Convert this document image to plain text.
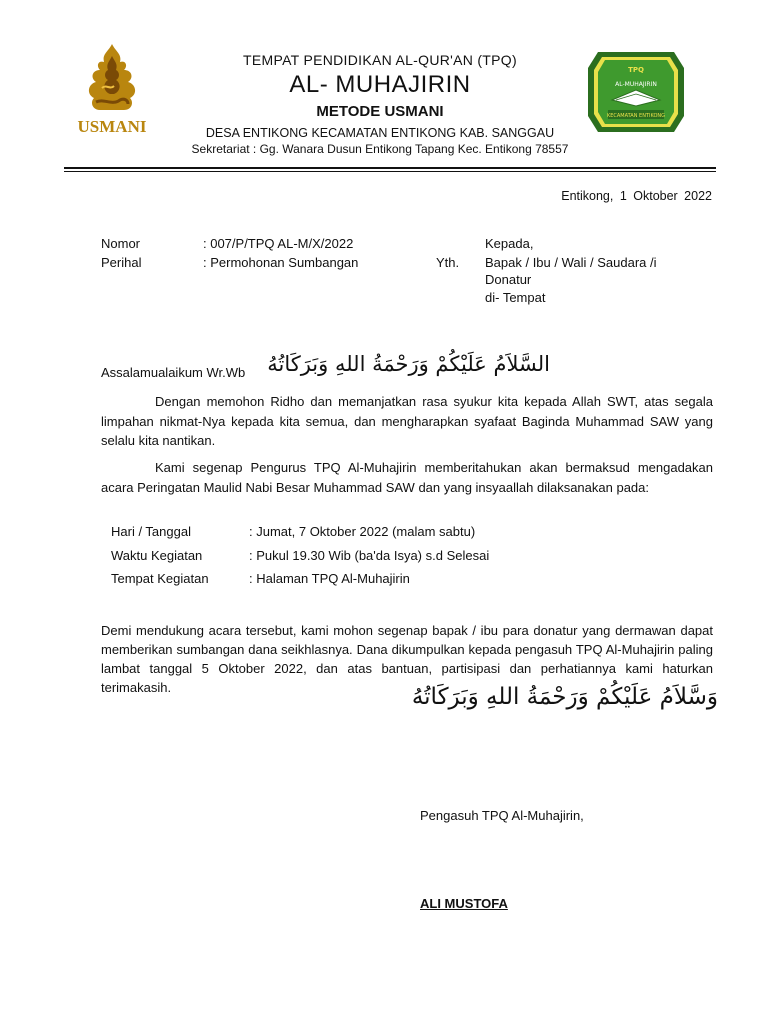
USMANI
TEMPAT PENDIDIKAN AL-QUR'AN (TPQ)
AL- MUHAJIRIN
METODE USMANI
DESA ENTIKONG KECAMATAN ENTIKONG KAB. SANGGAU
Sekretariat : Gg. Wanara Dusun Entikong Tapang Kec. Entikong 78557
TPQ
AL-MUHAJIRIN
KECAMATAN ENTIKONG
Entikong, 1 Oktober 2022
Nomor	: 007/P/TPQ AL-M/X/2022
Perihal	: Permohonan Sumbangan
Kepada,
Yth. Bapak / Ibu / Wali / Saudara /i
Donatur
di- Tempat
Assalamualaikum Wr.Wb السَّلاَمُ عَلَيْكُمْ وَرَحْمَةُ اللهِ وَبَرَكَاتُهُ
Dengan memohon Ridho dan memanjatkan rasa syukur kita kepada Allah SWT, atas segala limpahan nikmat-Nya kepada kita semua, dan mengharapkan syafaat Baginda Muhammad SAW yang selalu kita nantikan.
Kami segenap Pengurus TPQ Al-Muhajirin memberitahukan akan bermaksud mengadakan acara Peringatan Maulid Nabi Besar Muhammad SAW dan yang insyaallah dilaksanakan pada:
Hari / Tanggal	: Jumat, 7 Oktober 2022 (malam sabtu)
Waktu Kegiatan	: Pukul 19.30 Wib (ba'da Isya) s.d Selesai
Tempat Kegiatan	: Halaman TPQ Al-Muhajirin
Demi mendukung acara tersebut, kami mohon segenap bapak / ibu para donatur yang dermawan dapat memberikan sumbangan dana seikhlasnya. Dana dikumpulkan kepada pengasuh TPQ Al-Muhajirin paling lambat tanggal 5 Oktober 2022, dan atas bantuan, partisipasi dan perhatiannya kami haturkan terimakasih.	وَسَّلاَمُ عَلَيْكُمْ وَرَحْمَةُ اللهِ وَبَرَكَاتُهُ
Pengasuh TPQ Al-Muhajirin,
ALI MUSTOFA
